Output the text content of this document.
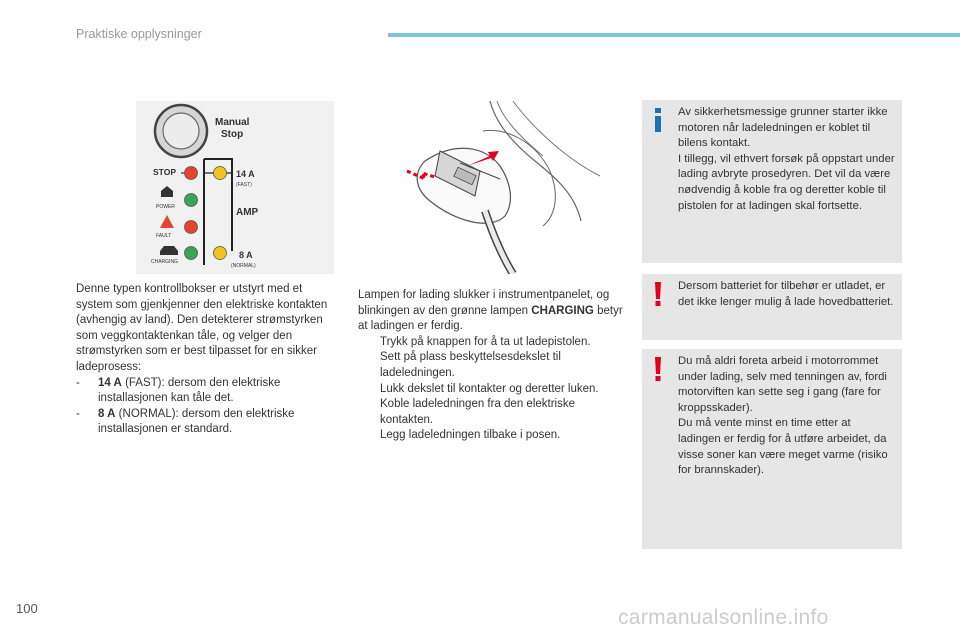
Praktiske opplysninger
Manual
Stop
STOP	14 A
(FAST)
POWER	AMP
FAULT
CHARGING
8 A
(NORMAL)

Denne typen kontrollbokser er utstyrt med et system som gjenkjenner den elektriske kontakten (avhengig av land). Den detekterer strømstyrken som veggkontaktenkan tåle, og velger den strømstyrken som er best tilpasset for en sikker ladeprosess:

- 14 A (FAST): dersom den elektriske installasjonen kan tåle det.

- 8 A (NORMAL): dersom den elektriske installasjonen er standard.

Lampen for lading slukker i instrumentpanelet, og blinkingen av den grønne lampen CHARGING betyr at ladingen er ferdig.

Trykk på knappen for å ta ut ladepistolen.

Sett på plass beskyttelsesdekslet til ladeledningen.

Lukk dekslet til kontakter og deretter luken.

Koble ladeledningen fra den elektriske kontakten.

Legg ladeledningen tilbake i posen.

Av sikkerhetsmessige grunner starter ikke motoren når ladeledningen er koblet til bilens kontakt.
I tillegg, vil ethvert forsøk på oppstart under lading avbryte prosedyren. Det vil da være nødvendig å koble fra og deretter koble til pistolen for at ladingen skal fortsette.

Dersom batteriet for tilbehør er utladet, er det ikke lenger mulig å lade hovedbatteriet.

Du må aldri foreta arbeid i motorrommet under lading, selv med tenningen av, fordi motorviften kan sette seg i gang (fare for kroppsskader).
Du må vente minst en time etter at ladingen er ferdig for å utføre arbeidet, da visse soner kan være meget varme (risiko for brannskader).

100	carmanualsonline.info
